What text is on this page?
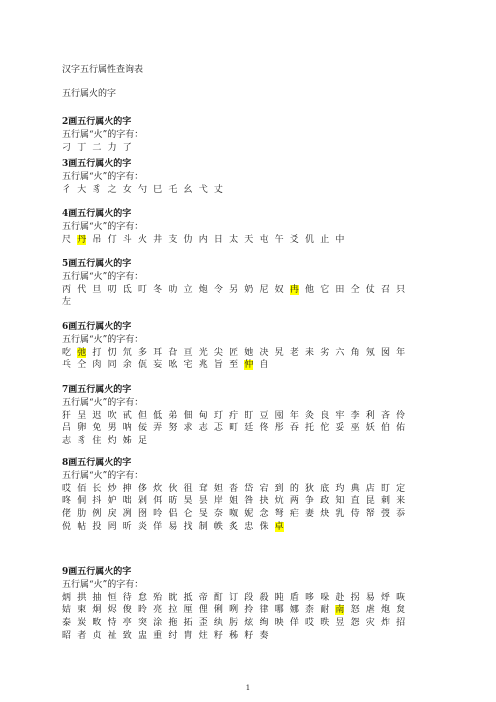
汉字五行属性查询表
五行属火的字
2画五行属火的字
五行属“火”的字有：
刁 丁 二 力 了
3画五行属火的字
五行属“火”的字有：
彳 大 豸 之 女 勺 巳 乇 幺 弋 丈
4画五行属火的字
五行属“火”的字有：
尺 丹 吊 仃 斗 火 井 支 仂 内 日 太 天 屯 午 爻 仉 止 中
5画五行属火的字
五行属“火”的字有：
丙 代 旦 叨 氐 叮 冬 叻 立 炮 令 另 奶 尼 奴 冉 他 它 田 仝 仗 召 只
左
6画五行属火的字
五行属“火”的字有：
吃 弛 打 忉 氘 多 耳 旮 亘 光 尖 匠 她 决 旯 老 耒 劣 六 角 氖 囡 年
乓 仝 肉 同 余 佤 妄 吆 宅 兆 旨 至 仲 自
7画五行属火的字
五行属“火”的字有：
犴 呈 迟 吹 甙 但 低 弟 佃 甸 玎 疔 盯 豆 囤 年 灸 良 牢 李 利 吝 伶
吕 卵 免 男 呐 佞 弄 努 求 志 忑 町 廷 佟 彤 吞 托 佗 妥 巫 妖 伯 佑
志 豸 住 灼 姊 足
8画五行属火的字
五行属“火”的字有：
哎 佰 长 炒 抻 侈 炊 伙 徂 耷 妲 沓 岱 宕 到 的 狄 底 玓 典 店 盯 定
咚 侗 抖 妒 咄 剁 佴 昉 昊 昙 岸 姐 咎 抉 炕 两 争 政 知 直 昆 刺 来
佬 肋 例 戾 冽 囹 呤 侣 仑 旻 奈 呶 妮 念 弩 疟 妻 炔 乳 侍 帑 弢 忝
侻 帖 投 罔 昕 炎 佯 易 找 制 帙 炙 忠 侏 卓
9画五行属火的字
五行属“火”的字有：
炳 拱 抽 恒 待 怠 殆 眈 抵 帝 酊 订 段 殺 盹 盾 哆 哚 赴 拐 易 烀 咴
姞 柬 炯 烬 俊 昤 亮 拉 厘 俚 俐 咧 拎 律 哪 娜 柰 耐 南 怒 虐 炮 炱
泰 炭 畋 恃 亭 突 涂 拖 拓 歪 纨 肟 炫 绚 映 佯 哎 昳 昱 怨 灾 炸 招
昭 者 贞 祉 致 盅 重 纣 胄 炷 籽 秭 籽 奏
1
